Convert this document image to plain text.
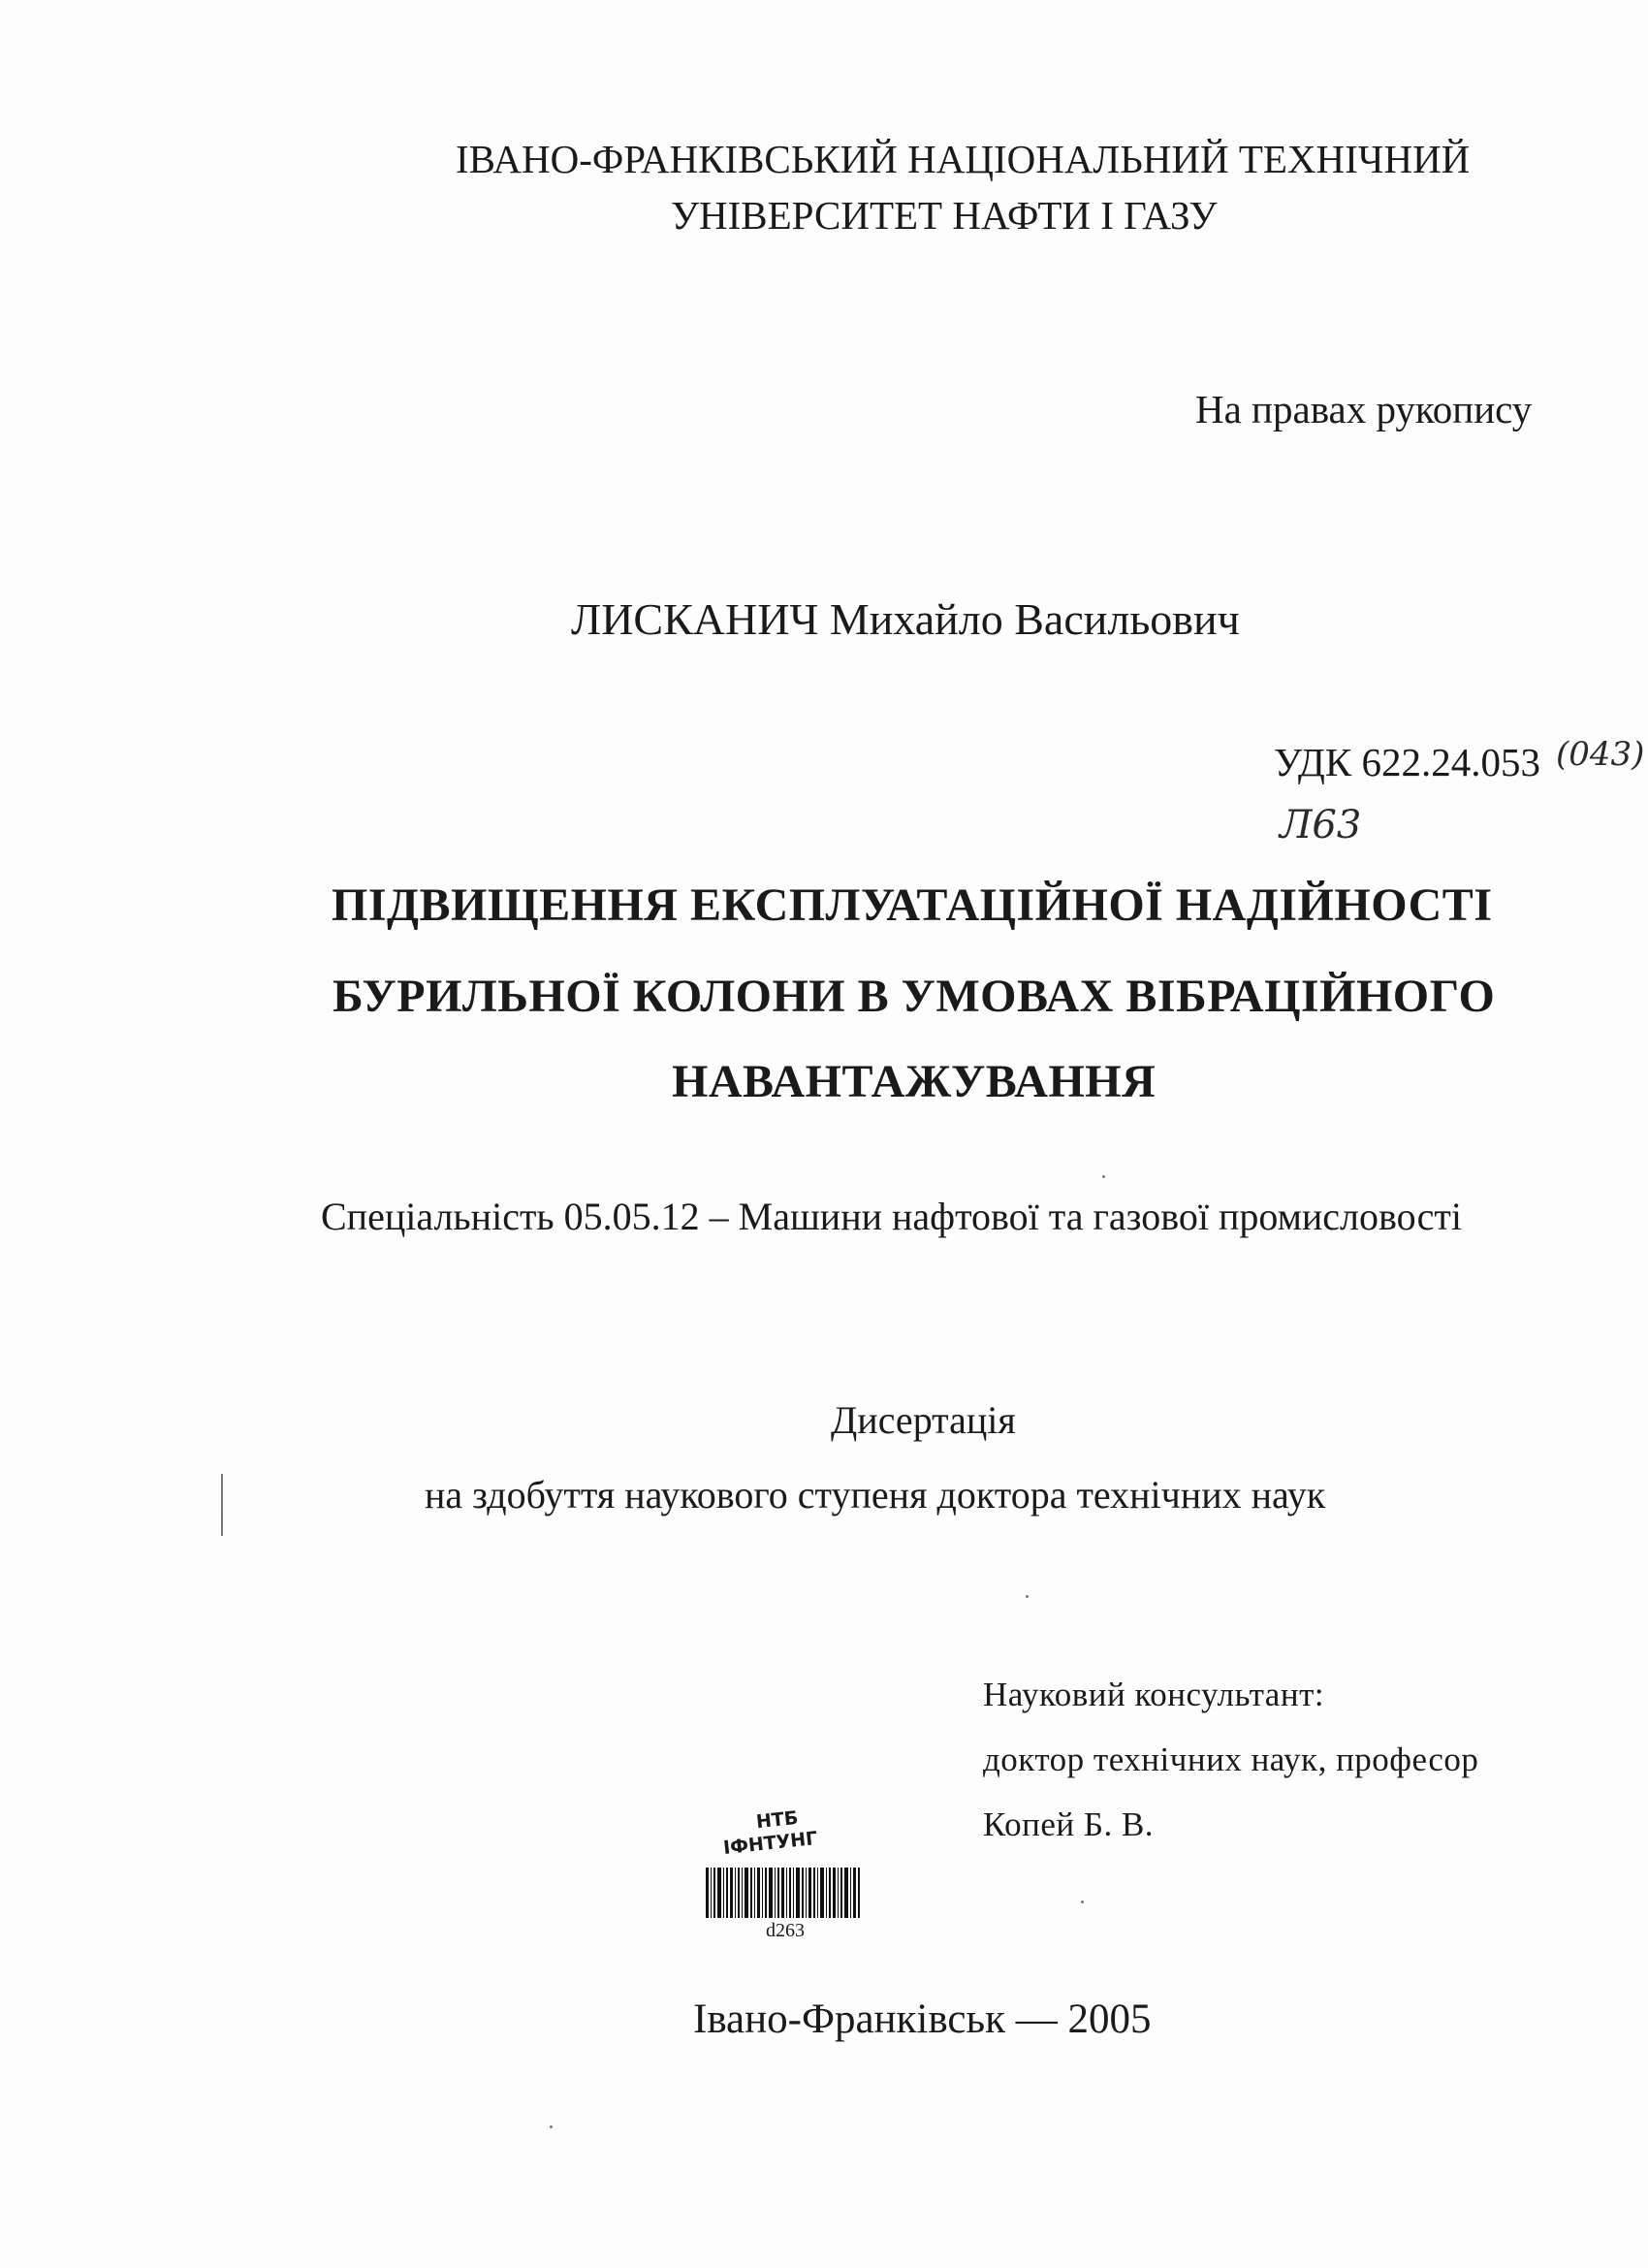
ІВАНО-ФРАНКІВСЬКИЙ НАЦІОНАЛЬНИЙ ТЕХНІЧНИЙ
УНІВЕРСИТЕТ НАФТИ І ГАЗУ
На правах рукопису
ЛИСКАНИЧ Михайло Васильович
УДК 622.24.053 (043)
Л63
ПІДВИЩЕННЯ ЕКСПЛУАТАЦІЙНОЇ НАДІЙНОСТІ
БУРИЛЬНОЇ КОЛОНИ В УМОВАХ ВІБРАЦІЙНОГО
НАВАНТАЖУВАННЯ
Спеціальність 05.05.12 – Машини нафтової та газової промисловості
Дисертація
на здобуття наукового ступеня доктора технічних наук
Науковий консультант:
доктор технічних наук, професор
Копей Б. В.
НТБ
ІФНТУНГ
d263
Івано-Франківськ — 2005
